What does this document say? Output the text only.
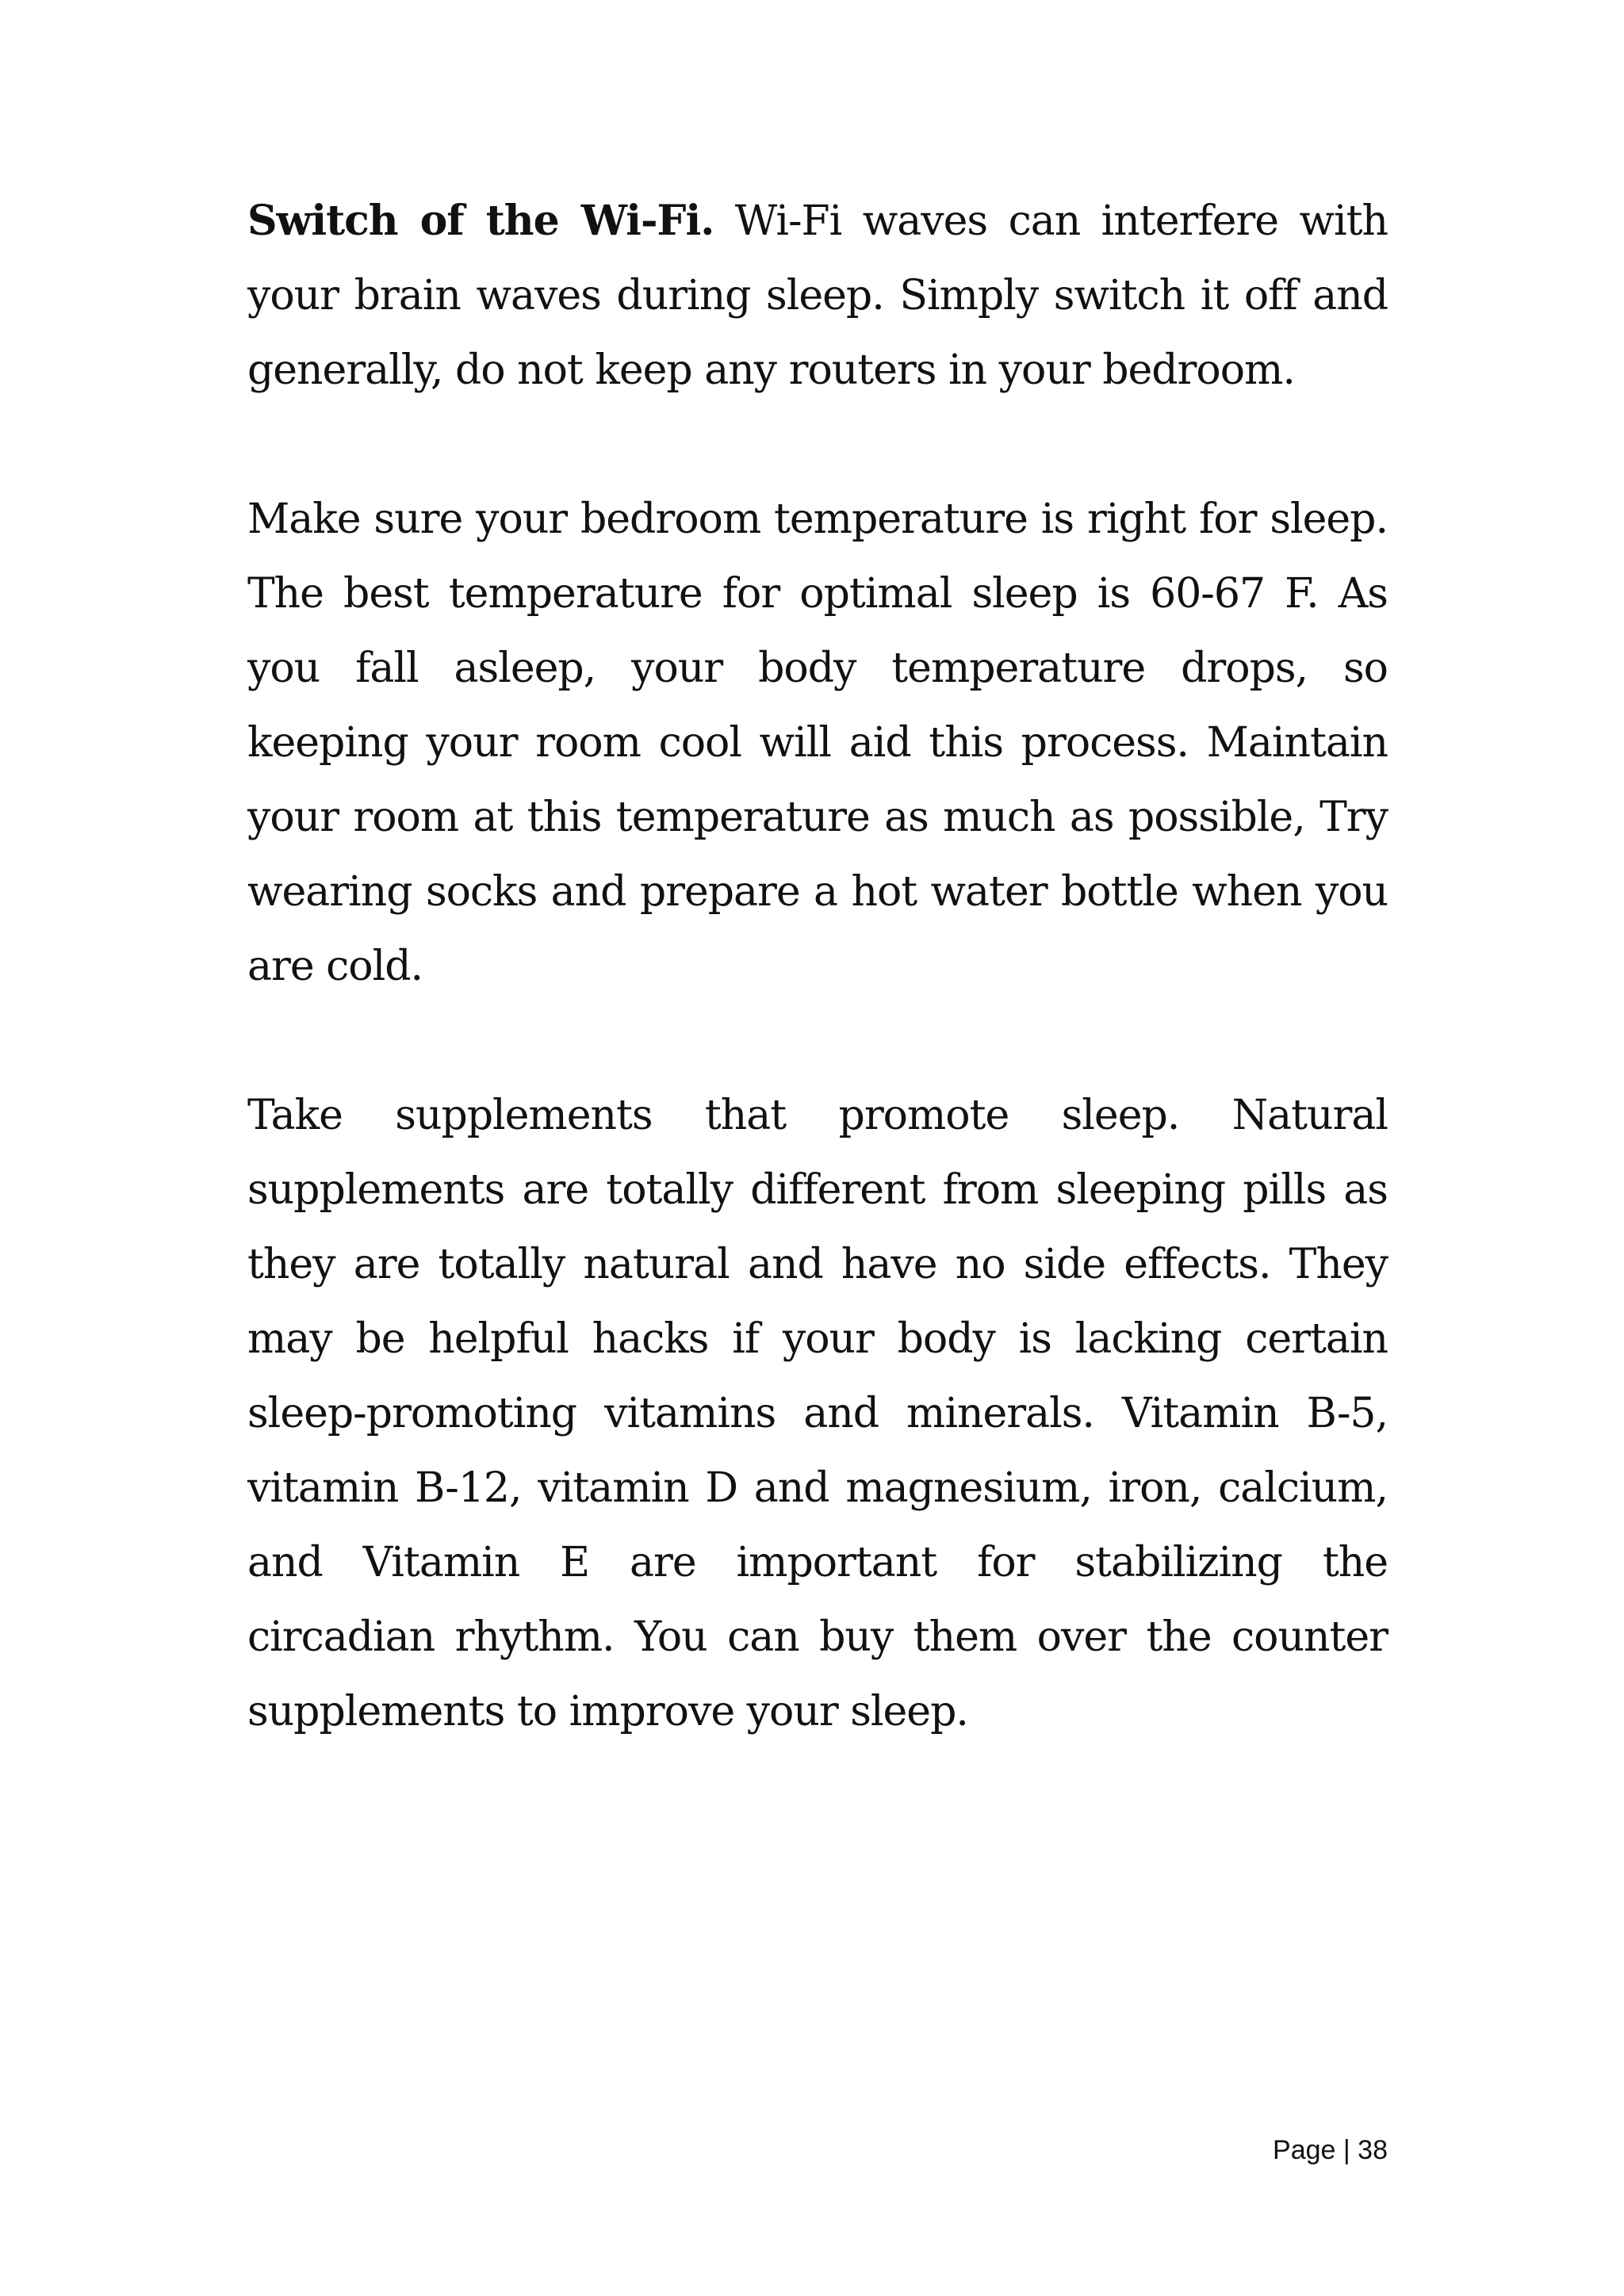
Switch of the Wi-Fi. Wi-Fi waves can interfere with your brain waves during sleep. Simply switch it off and generally, do not keep any routers in your bedroom.

Make sure your bedroom temperature is right for sleep. The best temperature for optimal sleep is 60-67 F. As you fall asleep, your body temperature drops, so keeping your room cool will aid this process. Maintain your room at this temperature as much as possible, Try wearing socks and prepare a hot water bottle when you are cold.

Take supplements that promote sleep. Natural supplements are totally different from sleeping pills as they are totally natural and have no side effects. They may be helpful hacks if your body is lacking certain sleep-promoting vitamins and minerals. Vitamin B-5, vitamin B-12, vitamin D and magnesium, iron, calcium, and Vitamin E are important for stabilizing the circadian rhythm. You can buy them over the counter supplements to improve your sleep.

Page | 38
